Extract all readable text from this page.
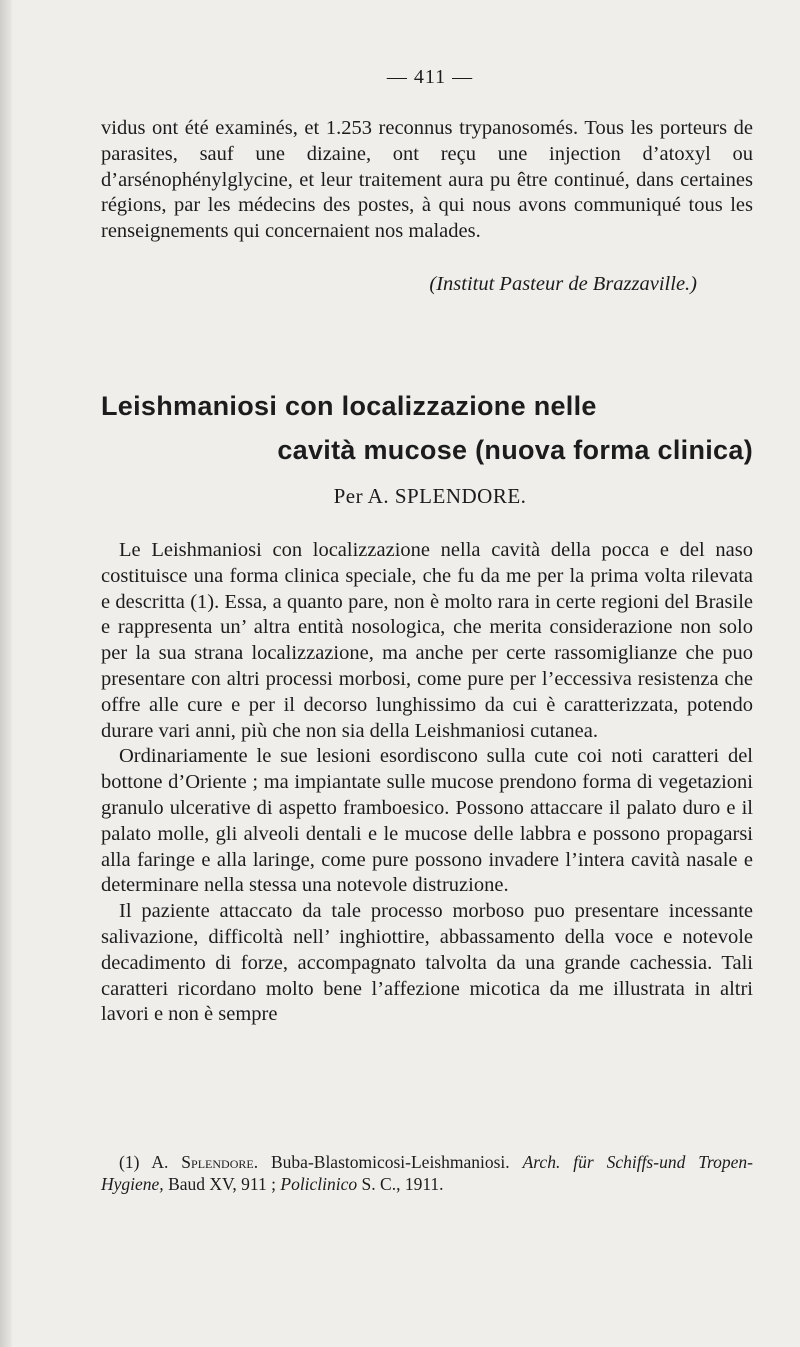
— 411 —

vidus ont été examinés, et 1.253 reconnus trypanosomés. Tous les porteurs de parasites, sauf une dizaine, ont reçu une injection d’atoxyl ou d’arsénophénylglycine, et leur traitement aura pu être continué, dans certaines régions, par les médecins des postes, à qui nous avons communiqué tous les renseignements qui concernaient nos malades.

(Institut Pasteur de Brazzaville.)
Leishmaniosi con localizzazione nelle
cavità mucose (nuova forma clinica)
Per A. SPLENDORE.

Le Leishmaniosi con localizzazione nella cavità della pocca e del naso costituisce una forma clinica speciale, che fu da me per la prima volta rilevata e descritta (1). Essa, a quanto pare, non è molto rara in certe regioni del Brasile e rappresenta un’ altra entità nosologica, che merita considerazione non solo per la sua strana localizzazione, ma anche per certe rassomiglianze che puo presentare con altri processi morbosi, come pure per l’eccessiva resistenza che offre alle cure e per il decorso lunghissimo da cui è caratterizzata, potendo durare vari anni, più che non sia della Leishmaniosi cutanea.

Ordinariamente le sue lesioni esordiscono sulla cute coi noti caratteri del bottone d’Oriente ; ma impiantate sulle mucose prendono forma di vegetazioni granulo ulcerative di aspetto framboesico. Possono attaccare il palato duro e il palato molle, gli alveoli dentali e le mucose delle labbra e possono propagarsi alla faringe e alla laringe, come pure possono invadere l’intera cavità nasale e determinare nella stessa una notevole distruzione.

Il paziente attaccato da tale processo morboso puo presentare incessante salivazione, difficoltà nell’ inghiottire, abbassamento della voce e notevole decadimento di forze, accompagnato talvolta da una grande cachessia. Tali caratteri ricordano molto bene l’affezione micotica da me illustrata in altri lavori e non è sempre

(1) A. Splendore. Buba-Blastomicosi-Leishmaniosi. Arch. für Schiffs-und Tropen-Hygiene, Baud XV, 911 ; Policlinico S. C., 1911.
